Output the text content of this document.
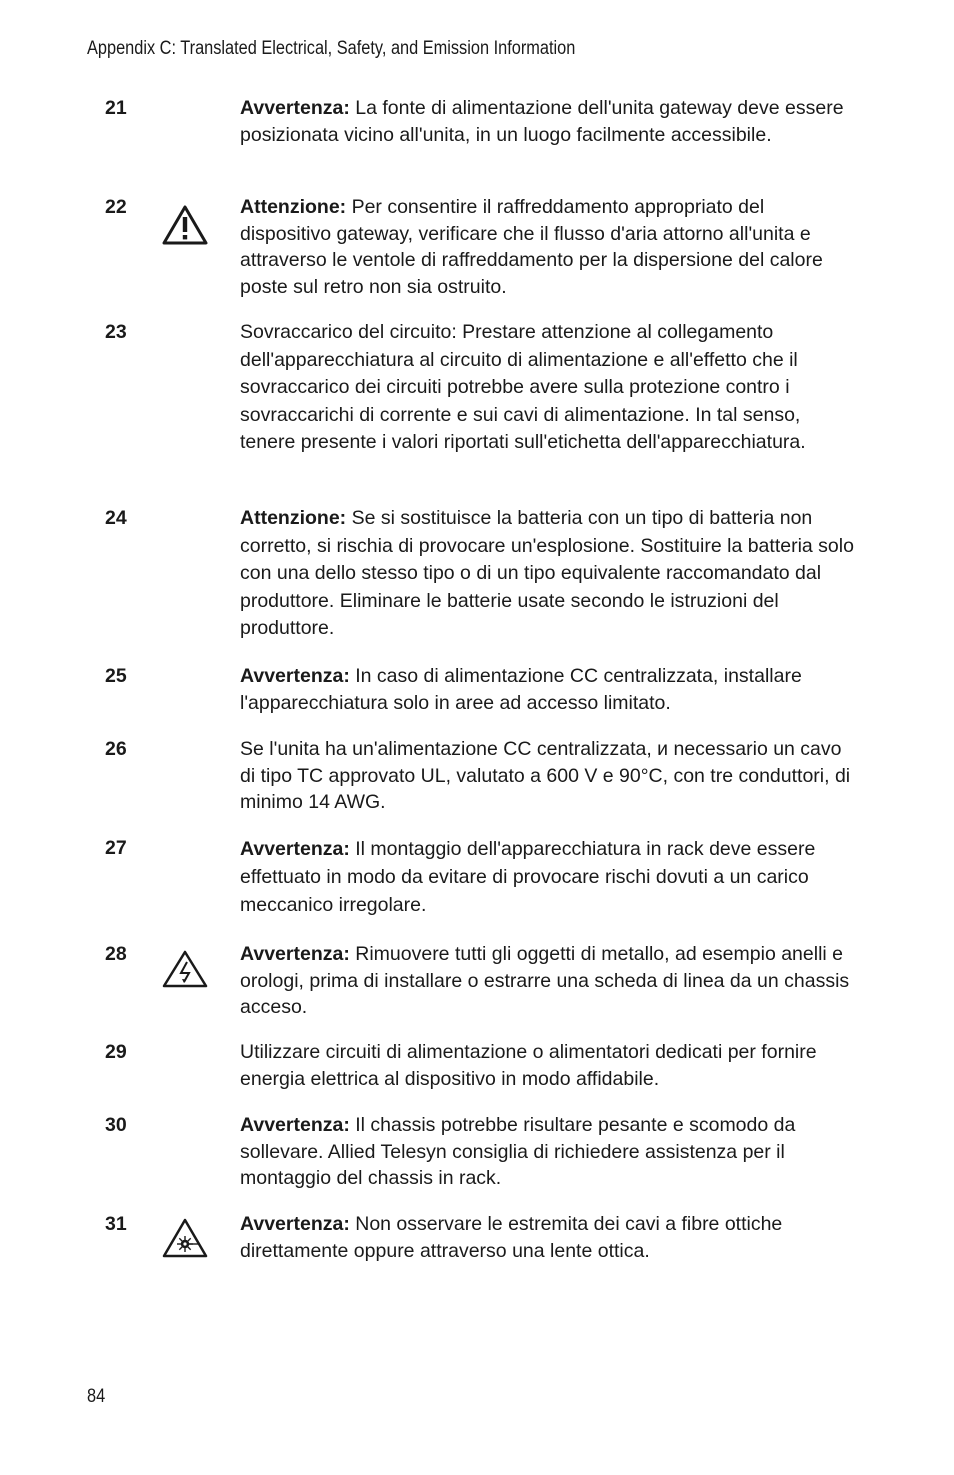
Appendix C: Translated Electrical, Safety, and Emission Information
21	Avvertenza: La fonte di alimentazione dell'unita gateway deve essere posizionata vicino all'unita, in un luogo facilmente accessibile.
22	Attenzione: Per consentire il raffreddamento appropriato del dispositivo gateway, verificare che il flusso d'aria attorno all'unita e attraverso le ventole di raffreddamento per la dispersione del calore poste sul retro non sia ostruito.
23	Sovraccarico del circuito: Prestare attenzione al collegamento dell'apparecchiatura al circuito di alimentazione e all'effetto che il sovraccarico dei circuiti potrebbe avere sulla protezione contro i sovraccarichi di corrente e sui cavi di alimentazione. In tal senso, tenere presente i valori riportati sull'etichetta dell'apparecchiatura.
24	Attenzione: Se si sostituisce la batteria con un tipo di batteria non corretto, si rischia di provocare un'esplosione. Sostituire la batteria solo con una dello stesso tipo o di un tipo equivalente raccomandato dal produttore. Eliminare le batterie usate secondo le istruzioni del produttore.
25	Avvertenza: In caso di alimentazione CC centralizzata, installare l'apparecchiatura solo in aree ad accesso limitato.
26	Se l'unita ha un'alimentazione CC centralizzata, и necessario un cavo di tipo TC approvato UL, valutato a 600 V e 90°C, con tre conduttori, di minimo 14 AWG.
27	Avvertenza: Il montaggio dell'apparecchiatura in rack deve essere effettuato in modo da evitare di provocare rischi dovuti a un carico meccanico irregolare.
28	Avvertenza: Rimuovere tutti gli oggetti di metallo, ad esempio anelli e orologi, prima di installare o estrarre una scheda di linea da un chassis acceso.
29	Utilizzare circuiti di alimentazione o alimentatori dedicati per fornire energia elettrica al dispositivo in modo affidabile.
30	Avvertenza: Il chassis potrebbe risultare pesante e scomodo da sollevare. Allied Telesyn consiglia di richiedere assistenza per il montaggio del chassis in rack.
31	Avvertenza: Non osservare le estremita dei cavi a fibre ottiche direttamente oppure attraverso una lente ottica.
84
